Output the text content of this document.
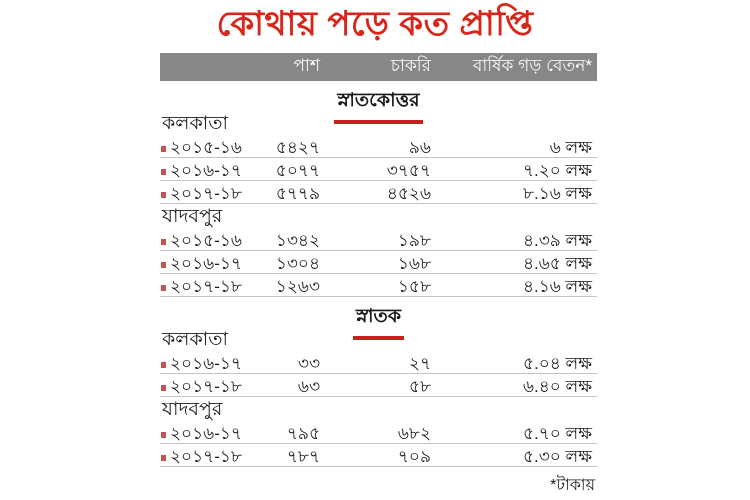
কোথায় পড়ে কত প্রাপ্তি
পাশ	চাকরি	বার্ষিক গড় বেতন*
স্নাতকোত্তর
কলকাতা
২০১৫-১৬	৫৪২৭	৯৬	৬ লক্ষ
২০১৬-১৭	৫০৭৭	৩৭৫৭	৭.২০ লক্ষ
২০১৭-১৮	৫৭৭৯	৪৫২৬	৮.১৬ লক্ষ
যাদবপুর
২০১৫-১৬	১৩৪২	১৯৮	৪.৩৯ লক্ষ
২০১৬-১৭	১৩০৪	১৬৮	৪.৬৫ লক্ষ
২০১৭-১৮	১২৬৩	১৫৮	৪.১৬ লক্ষ
স্নাতক
কলকাতা
২০১৬-১৭	৩৩	২৭	৫.০৪ লক্ষ
২০১৭-১৮	৬৩	৫৮	৬.৪০ লক্ষ
যাদবপুর
২০১৬-১৭	৭৯৫	৬৮২	৫.৭০ লক্ষ
২০১৭-১৮	৭৮৭	৭০৯	৫.৩০ লক্ষ
*টাকায়
